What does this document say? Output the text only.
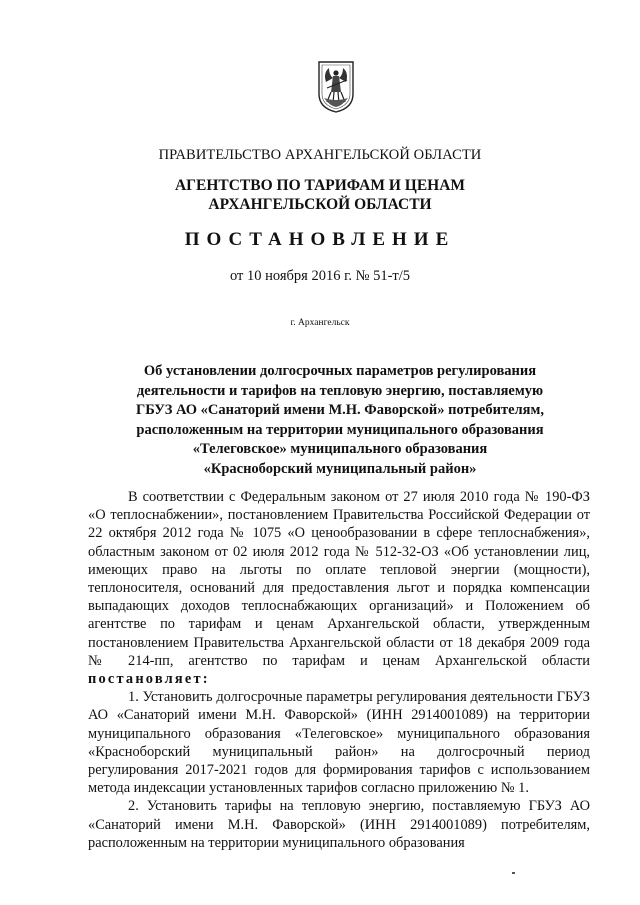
ПРАВИТЕЛЬСТВО АРХАНГЕЛЬСКОЙ ОБЛАСТИ
АГЕНТСТВО ПО ТАРИФАМ И ЦЕНАМ
АРХАНГЕЛЬСКОЙ ОБЛАСТИ
ПОСТАНОВЛЕНИЕ
от 10 ноября 2016 г. № 51-т/5
г. Архангельск
Об установлении долгосрочных параметров регулирования
деятельности и тарифов на тепловую энергию, поставляемую
ГБУЗ АО «Санаторий имени М.Н. Фаворской» потребителям,
расположенным на территории муниципального образования
«Телеговское» муниципального образования
«Красноборский муниципальный район»

В соответствии с Федеральным законом от 27 июля 2010 года № 190-ФЗ «О теплоснабжении», постановлением Правительства Российской Федерации от 22 октября 2012 года № 1075 «О ценообразовании в сфере теплоснабжения», областным законом от 02 июля 2012 года № 512-32-ОЗ «Об установлении лиц, имеющих право на льготы по оплате тепловой энергии (мощности), теплоносителя, оснований для предоставления льгот и порядка компенсации выпадающих доходов теплоснабжающих организаций» и Положением об агентстве по тарифам и ценам Архангельской области, утвержденным постановлением Правительства Архангельской области от 18 декабря 2009 года № 214-пп, агентство по тарифам и ценам Архангельской области постановляет:

1. Установить долгосрочные параметры регулирования деятельности ГБУЗ АО «Санаторий имени М.Н. Фаворской» (ИНН 2914001089) на территории муниципального образования «Телеговское» муниципального образования «Красноборский муниципальный район» на долгосрочный период регулирования 2017-2021 годов для формирования тарифов с использованием метода индексации установленных тарифов согласно приложению № 1.

2. Установить тарифы на тепловую энергию, поставляемую ГБУЗ АО «Санаторий имени М.Н. Фаворской» (ИНН 2914001089) потребителям, расположенным на территории муниципального образования
